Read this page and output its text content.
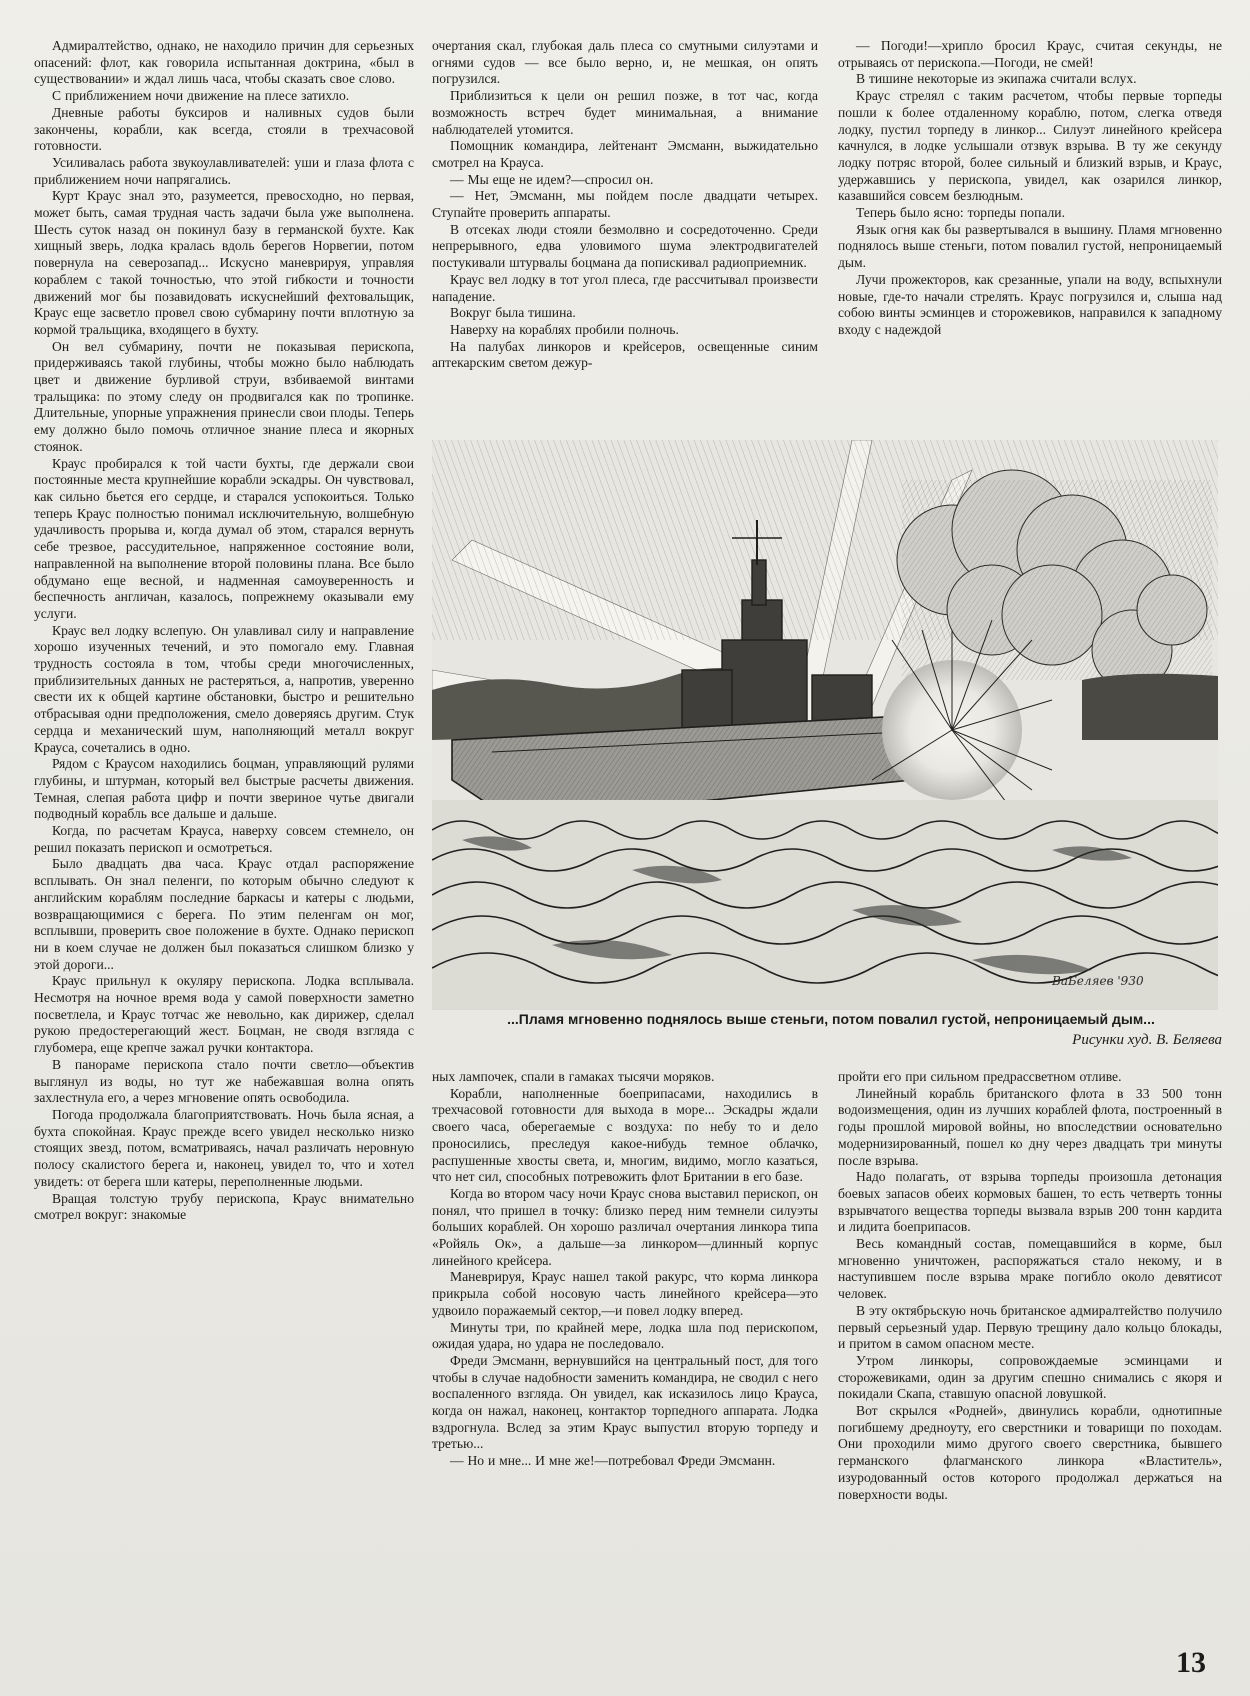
Адмиралтейство, однако, не находило причин для серьезных опасений: флот, как говорила испытанная доктрина, «был в существовании» и ждал лишь часа, чтобы сказать свое слово.

С приближением ночи движение на плесе затихло.

Дневные работы буксиров и наливных судов были закончены, корабли, как всегда, стояли в трехчасовой готовности.

Усиливалась работа звукоулавливателей: уши и глаза флота с приближением ночи напрягались.

Курт Краус знал это, разумеется, превосходно, но первая, может быть, самая трудная часть задачи была уже выполнена. Шесть суток назад он покинул базу в германской бухте. Как хищный зверь, лодка кралась вдоль берегов Норвегии, потом повернула на северозапад... Искусно маневрируя, управляя кораблем с такой точностью, что этой гибкости и точности движений мог бы позавидовать искуснейший фехтовальщик, Краус еще засветло провел свою субмарину почти вплотную за кормой тральщика, входящего в бухту.

Он вел субмарину, почти не показывая перископа, придерживаясь такой глубины, чтобы можно было наблюдать цвет и движение бурливой струи, взбиваемой винтами тральщика: по этому следу он продвигался как по тропинке. Длительные, упорные упражнения принесли свои плоды. Теперь ему должно было помочь отличное знание плеса и якорных стоянок.

Краус пробирался к той части бухты, где держали свои постоянные места крупнейшие корабли эскадры. Он чувствовал, как сильно бьется его сердце, и старался успокоиться. Только теперь Краус полностью понимал исключительную, волшебную удачливость прорыва и, когда думал об этом, старался вернуть себе трезвое, рассудительное, напряженное состояние воли, направленной на выполнение второй половины плана. Все было обдумано еще весной, и надменная самоуверенность и беспечность англичан, казалось, попрежнему оказывали ему услуги.

Краус вел лодку вслепую. Он улавливал силу и направление хорошо изученных течений, и это помогало ему. Главная трудность состояла в том, чтобы среди многочисленных, приблизительных данных не растеряться, а, напротив, уверенно свести их к общей картине обстановки, быстро и решительно отбрасывая одни предположения, смело доверяясь другим. Стук сердца и механический шум, наполняющий металл вокруг Крауса, сочетались в одно.

Рядом с Краусом находились боцман, управляющий рулями глубины, и штурман, который вел быстрые расчеты движения. Темная, слепая работа цифр и почти звериное чутье двигали подводный корабль все дальше и дальше.

Когда, по расчетам Крауса, наверху совсем стемнело, он решил показать перископ и осмотреться.

Было двадцать два часа. Краус отдал распоряжение всплывать. Он знал пеленги, по которым обычно следуют к английским кораблям последние баркасы и катеры с людьми, возвращающимися с берега. По этим пеленгам он мог, всплывши, проверить свое положение в бухте. Однако перископ ни в коем случае не должен был показаться слишком близко у этой дороги...

Краус прильнул к окуляру перископа. Лодка всплывала. Несмотря на ночное время вода у самой поверхности заметно посветлела, и Краус тотчас же невольно, как дирижер, сделал рукою предостерегающий жест. Боцман, не сводя взгляда с глубомера, еще крепче зажал ручки контактора.

В панораме перископа стало почти светло—объектив выглянул из воды, но тут же набежавшая волна опять захлестнула его, а через мгновение опять освободила.

Погода продолжала благоприятствовать. Ночь была ясная, а бухта спокойная. Краус прежде всего увидел несколько низко стоящих звезд, потом, всматриваясь, начал различать неровную полосу скалистого берега и, наконец, увидел то, что и хотел увидеть: от берега шли катеры, переполненные людьми.

Вращая толстую трубу перископа, Краус внимательно смотрел вокруг: знакомые

очертания скал, глубокая даль плеса со смутными силуэтами и огнями судов — все было верно, и, не мешкая, он опять погрузился.

Приблизиться к цели он решил позже, в тот час, когда возможность встреч будет минимальная, а внимание наблюдателей утомится.

Помощник командира, лейтенант Эмсманн, выжидательно смотрел на Крауса.

— Мы еще не идем?—спросил он.

— Нет, Эмсманн, мы пойдем после двадцати четырех. Ступайте проверить аппараты.

В отсеках люди стояли безмолвно и сосредоточенно. Среди непрерывного, едва уловимого шума электродвигателей постукивали штурвалы боцмана да попискивал радиоприемник.

Краус вел лодку в тот угол плеса, где рассчитывал произвести нападение.

Вокруг была тишина.

Наверху на кораблях пробили полночь.

На палубах линкоров и крейсеров, освещенные синим аптекарским светом дежур-

— Погоди!—хрипло бросил Краус, считая секунды, не отрываясь от перископа.—Погоди, не смей!

В тишине некоторые из экипажа считали вслух.

Краус стрелял с таким расчетом, чтобы первые торпеды пошли к более отдаленному кораблю, потом, слегка отведя лодку, пустил торпеду в линкор... Силуэт линейного крейсера качнулся, в лодке услышали отзвук взрыва. В ту же секунду лодку потряс второй, более сильный и близкий взрыв, и Краус, удержавшись у перископа, увидел, как озарился линкор, казавшийся совсем безлюдным.

Теперь было ясно: торпеды попали.

Язык огня как бы развертывался в вышину. Пламя мгновенно поднялось выше стеньги, потом повалил густой, непроницаемый дым.

Лучи прожекторов, как срезанные, упали на воду, вспыхнули новые, где-то начали стрелять. Краус погрузился и, слыша над собою винты эсминцев и сторожевиков, направился к западному входу с надеждой

ВаБеляев '930
...Пламя мгновенно поднялось выше стеньги, потом повалил густой, непроницаемый дым...
Рисунки худ. В. Беляева

ных лампочек, спали в гамаках тысячи моряков.

Корабли, наполненные боеприпасами, находились в трехчасовой готовности для выхода в море... Эскадры ждали своего часа, оберегаемые с воздуха: по небу то и дело проносились, преследуя какое-нибудь темное облачко, распушенные хвосты света, и, многим, видимо, могло казаться, что нет сил, способных потревожить флот Британии в его базе.

Когда во втором часу ночи Краус снова выставил перископ, он понял, что пришел в точку: близко перед ним темнели силуэты больших кораблей. Он хорошо различал очертания линкора типа «Ройяль Ок», а дальше—за линкором—длинный корпус линейного крейсера.

Маневрируя, Краус нашел такой ракурс, что корма линкора прикрыла собой носовую часть линейного крейсера—это удвоило поражаемый сектор,—и повел лодку вперед.

Минуты три, по крайней мере, лодка шла под перископом, ожидая удара, но удара не последовало.

Фреди Эмсманн, вернувшийся на центральный пост, для того чтобы в случае надобности заменить командира, не сводил с него воспаленного взгляда. Он увидел, как исказилось лицо Крауса, когда он нажал, наконец, контактор торпедного аппарата. Лодка вздрогнула. Вслед за этим Краус выпустил вторую торпеду и третью...

— Но и мне... И мне же!—потребовал Фреди Эмсманн.

пройти его при сильном предрассветном отливе.

Линейный корабль британского флота в 33 500 тонн водоизмещения, один из лучших кораблей флота, построенный в годы прошлой мировой войны, но впоследствии основательно модернизированный, пошел ко дну через двадцать три минуты после взрыва.

Надо полагать, от взрыва торпеды произошла детонация боевых запасов обеих кормовых башен, то есть четверть тонны взрывчатого вещества торпеды вызвала взрыв 200 тонн кардита и лидита боеприпасов.

Весь командный состав, помещавшийся в корме, был мгновенно уничтожен, распоряжаться стало некому, и в наступившем после взрыва мраке погибло около девятисот человек.

В эту октябрьскую ночь британское адмиралтейство получило первый серьезный удар. Первую трещину дало кольцо блокады, и притом в самом опасном месте.

Утром линкоры, сопровождаемые эсминцами и сторожевиками, один за другим спешно снимались с якоря и покидали Скапа, ставшую опасной ловушкой.

Вот скрылся «Родней», двинулись корабли, однотипные погибшему дредноуту, его сверстники и товарищи по походам. Они проходили мимо другого своего сверстника, бывшего германского флагманского линкора «Властитель», изуродованный остов которого продолжал держаться на поверхности воды.

13
